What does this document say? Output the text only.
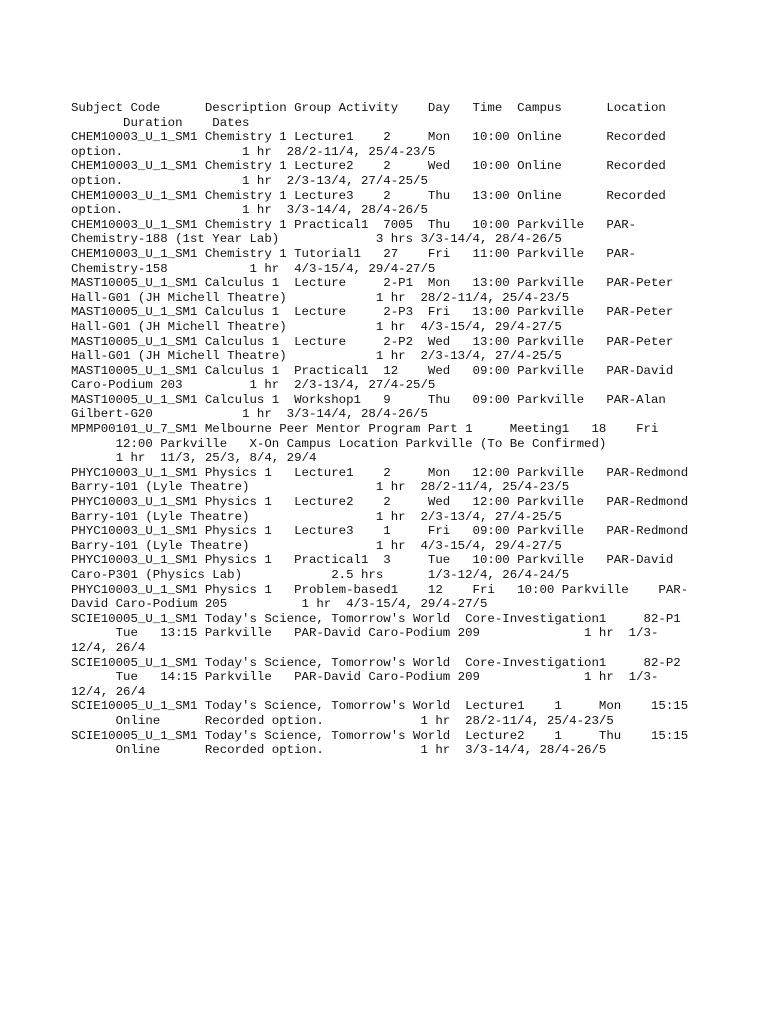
Subject Code      Description Group Activity    Day   Time  Campus      Location
Duration    Dates
CHEM10003_U_1_SM1 Chemistry 1 Lecture1    2     Mon   10:00 Online      Recorded
option.                1 hr  28/2-11/4, 25/4-23/5
CHEM10003_U_1_SM1 Chemistry 1 Lecture2    2     Wed   10:00 Online      Recorded
option.                1 hr  2/3-13/4, 27/4-25/5
CHEM10003_U_1_SM1 Chemistry 1 Lecture3    2     Thu   13:00 Online      Recorded
option.                1 hr  3/3-14/4, 28/4-26/5
CHEM10003_U_1_SM1 Chemistry 1 Practical1  7005  Thu   10:00 Parkville   PAR-
Chemistry-188 (1st Year Lab)             3 hrs 3/3-14/4, 28/4-26/5
CHEM10003_U_1_SM1 Chemistry 1 Tutorial1   27    Fri   11:00 Parkville   PAR-
Chemistry-158           1 hr  4/3-15/4, 29/4-27/5
MAST10005_U_1_SM1 Calculus 1  Lecture     2-P1  Mon   13:00 Parkville   PAR-Peter
Hall-G01 (JH Michell Theatre)            1 hr  28/2-11/4, 25/4-23/5
MAST10005_U_1_SM1 Calculus 1  Lecture     2-P3  Fri   13:00 Parkville   PAR-Peter
Hall-G01 (JH Michell Theatre)            1 hr  4/3-15/4, 29/4-27/5
MAST10005_U_1_SM1 Calculus 1  Lecture     2-P2  Wed   13:00 Parkville   PAR-Peter
Hall-G01 (JH Michell Theatre)            1 hr  2/3-13/4, 27/4-25/5
MAST10005_U_1_SM1 Calculus 1  Practical1  12    Wed   09:00 Parkville   PAR-David
Caro-Podium 203         1 hr  2/3-13/4, 27/4-25/5
MAST10005_U_1_SM1 Calculus 1  Workshop1   9     Thu   09:00 Parkville   PAR-Alan
Gilbert-G20            1 hr  3/3-14/4, 28/4-26/5
MPMP00101_U_7_SM1 Melbourne Peer Mentor Program Part 1     Meeting1   18    Fri
12:00 Parkville   X-On Campus Location Parkville (To Be Confirmed)
1 hr  11/3, 25/3, 8/4, 29/4
PHYC10003_U_1_SM1 Physics 1   Lecture1    2     Mon   12:00 Parkville   PAR-Redmond
Barry-101 (Lyle Theatre)                 1 hr  28/2-11/4, 25/4-23/5
PHYC10003_U_1_SM1 Physics 1   Lecture2    2     Wed   12:00 Parkville   PAR-Redmond
Barry-101 (Lyle Theatre)                 1 hr  2/3-13/4, 27/4-25/5
PHYC10003_U_1_SM1 Physics 1   Lecture3    1     Fri   09:00 Parkville   PAR-Redmond
Barry-101 (Lyle Theatre)                 1 hr  4/3-15/4, 29/4-27/5
PHYC10003_U_1_SM1 Physics 1   Practical1  3     Tue   10:00 Parkville   PAR-David
Caro-P301 (Physics Lab)            2.5 hrs      1/3-12/4, 26/4-24/5
PHYC10003_U_1_SM1 Physics 1   Problem-based1    12    Fri   10:00 Parkville    PAR-
David Caro-Podium 205          1 hr  4/3-15/4, 29/4-27/5
SCIE10005_U_1_SM1 Today's Science, Tomorrow's World  Core-Investigation1     82-P1
Tue   13:15 Parkville   PAR-David Caro-Podium 209              1 hr  1/3-
12/4, 26/4
SCIE10005_U_1_SM1 Today's Science, Tomorrow's World  Core-Investigation1     82-P2
Tue   14:15 Parkville   PAR-David Caro-Podium 209              1 hr  1/3-
12/4, 26/4
SCIE10005_U_1_SM1 Today's Science, Tomorrow's World  Lecture1    1     Mon    15:15
Online      Recorded option.             1 hr  28/2-11/4, 25/4-23/5
SCIE10005_U_1_SM1 Today's Science, Tomorrow's World  Lecture2    1     Thu    15:15
Online      Recorded option.             1 hr  3/3-14/4, 28/4-26/5
